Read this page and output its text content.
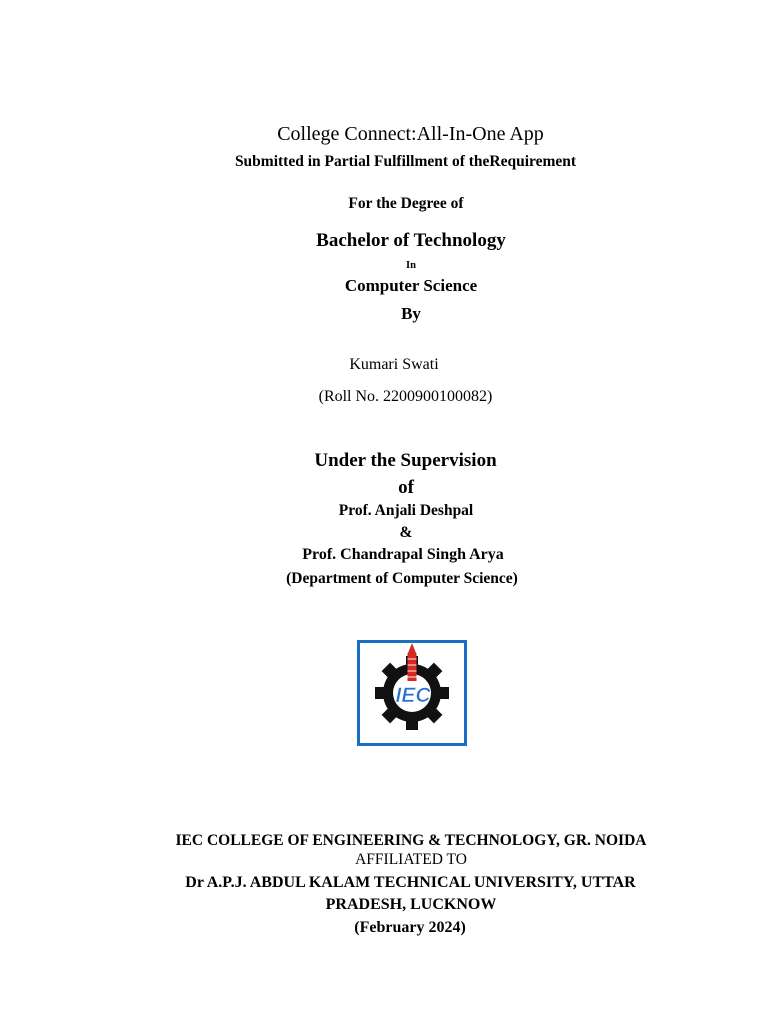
College Connect:All-In-One App
Submitted in Partial Fulfillment of theRequirement
For the Degree of
Bachelor of Technology
In
Computer Science
By
Kumari Swati
(Roll No. 2200900100082)
Under the Supervision
of
Prof. Anjali Deshpal
&
Prof. Chandrapal Singh Arya
(Department of Computer Science)
IEC
IEC COLLEGE OF ENGINEERING & TECHNOLOGY, GR. NOIDA
AFFILIATED TO
Dr A.P.J. ABDUL KALAM TECHNICAL UNIVERSITY, UTTAR
PRADESH, LUCKNOW
(February 2024)
